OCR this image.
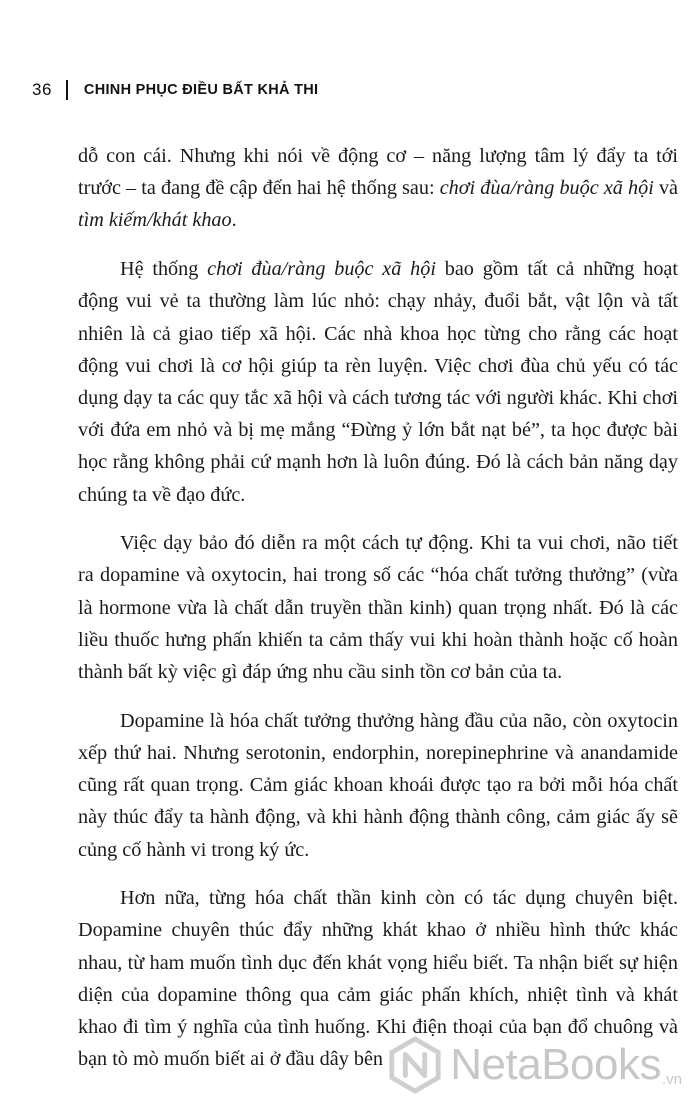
36 CHINH PHỤC ĐIỀU BẤT KHẢ THI

dỗ con cái. Nhưng khi nói về động cơ – năng lượng tâm lý đẩy ta tới trước – ta đang đề cập đến hai hệ thống sau: chơi đùa/ràng buộc xã hội và tìm kiếm/khát khao.

Hệ thống chơi đùa/ràng buộc xã hội bao gồm tất cả những hoạt động vui vẻ ta thường làm lúc nhỏ: chạy nhảy, đuổi bắt, vật lộn và tất nhiên là cả giao tiếp xã hội. Các nhà khoa học từng cho rằng các hoạt động vui chơi là cơ hội giúp ta rèn luyện. Việc chơi đùa chủ yếu có tác dụng dạy ta các quy tắc xã hội và cách tương tác với người khác. Khi chơi với đứa em nhỏ và bị mẹ mắng “Đừng ỷ lớn bắt nạt bé”, ta học được bài học rằng không phải cứ mạnh hơn là luôn đúng. Đó là cách bản năng dạy chúng ta về đạo đức.

Việc dạy bảo đó diễn ra một cách tự động. Khi ta vui chơi, não tiết ra dopamine và oxytocin, hai trong số các “hóa chất tưởng thưởng” (vừa là hormone vừa là chất dẫn truyền thần kinh) quan trọng nhất. Đó là các liều thuốc hưng phấn khiến ta cảm thấy vui khi hoàn thành hoặc cố hoàn thành bất kỳ việc gì đáp ứng nhu cầu sinh tồn cơ bản của ta.

Dopamine là hóa chất tưởng thưởng hàng đầu của não, còn oxytocin xếp thứ hai. Nhưng serotonin, endorphin, norepinephrine và anandamide cũng rất quan trọng. Cảm giác khoan khoái được tạo ra bởi mỗi hóa chất này thúc đẩy ta hành động, và khi hành động thành công, cảm giác ấy sẽ củng cố hành vi trong ký ức.

Hơn nữa, từng hóa chất thần kinh còn có tác dụng chuyên biệt. Dopamine chuyên thúc đẩy những khát khao ở nhiều hình thức khác nhau, từ ham muốn tình dục đến khát vọng hiểu biết. Ta nhận biết sự hiện diện của dopamine thông qua cảm giác phấn khích, nhiệt tình và khát khao đi tìm ý nghĩa của tình huống. Khi điện thoại của bạn đổ chuông và bạn tò mò muốn biết ai ở đầu dây bên	NetaBooks .vn
